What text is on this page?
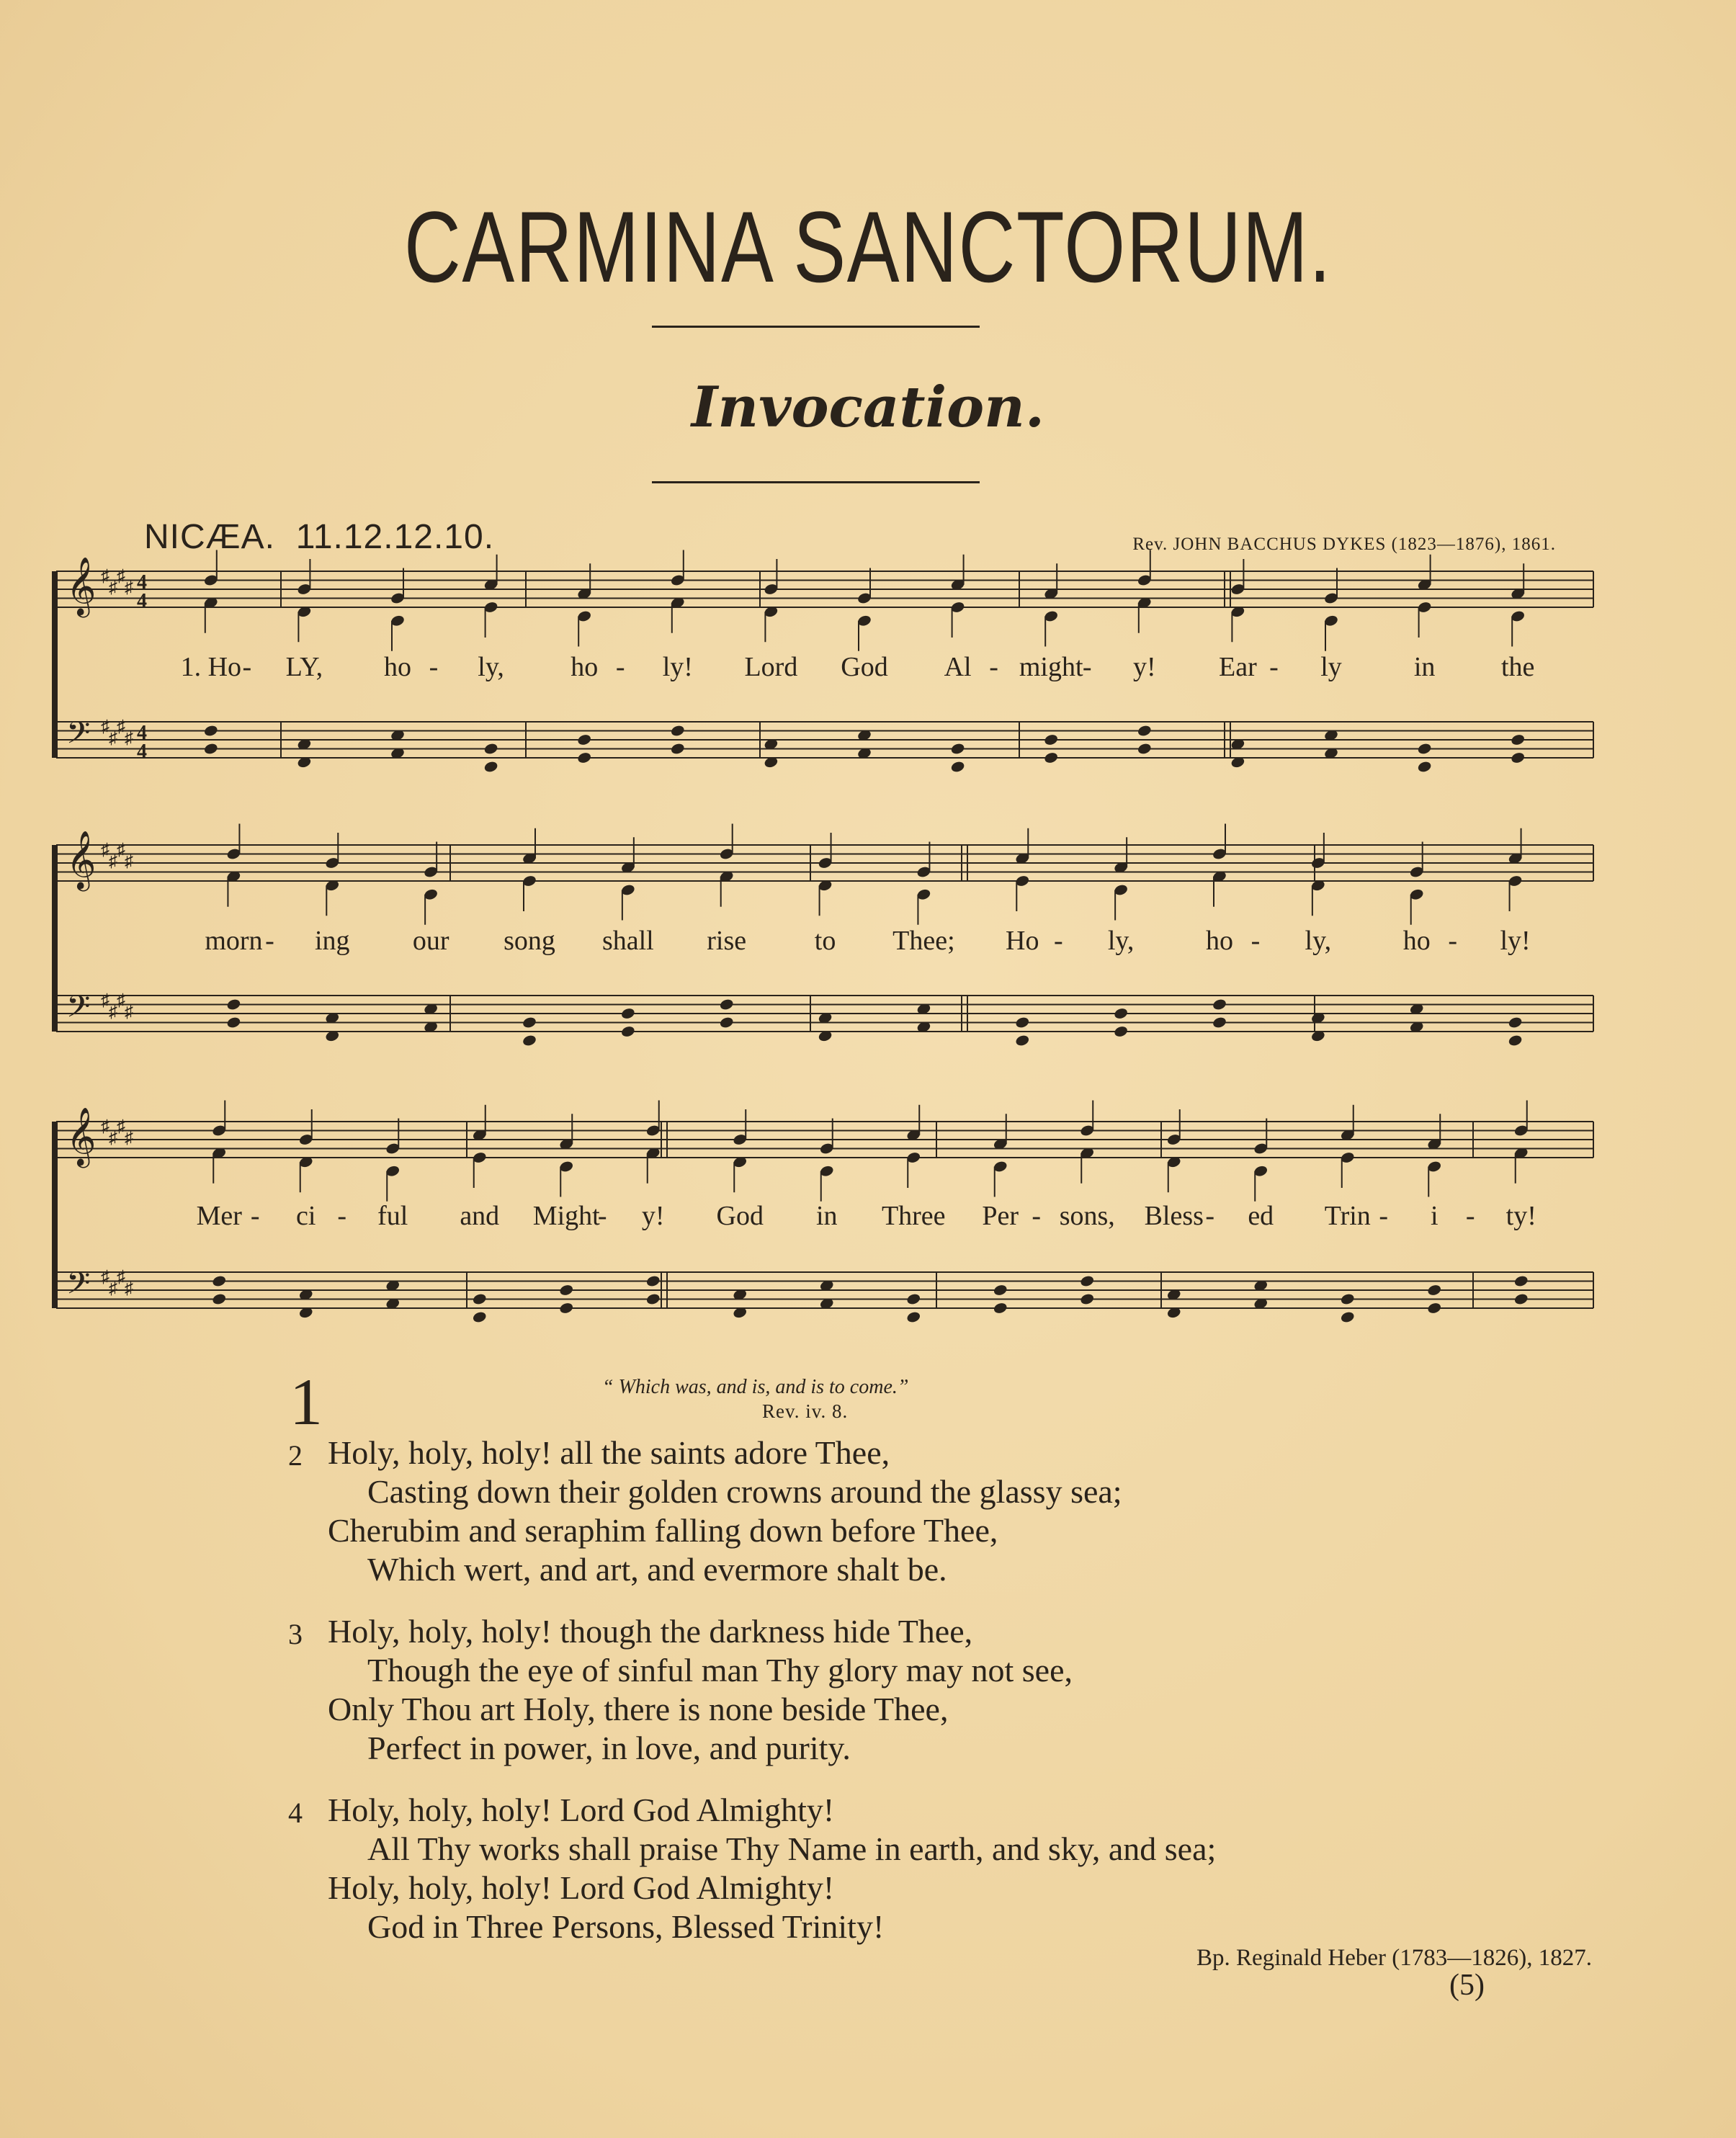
CARMINA SANCTORUM.
Invocation.
NICÆA. 11.12.12.10.	Rev. JOHN BACCHUS DYKES (1823—1876), 1861.
𝄞 ♯
♯
♯
♯ 4
4
𝄢 ♯
♯
♯
♯ 4
4
1. Ho - LY, ho - ly, ho - ly! Lord God Al - might - y! Ear - ly	in the
𝄞 ♯
♯
♯
♯
𝄢 ♯
♯
♯
♯
morn - ing our song shall rise to Thee; Ho - ly,	ho - ly,	ho - ly!
𝄞 ♯
♯
♯
♯
𝄢 ♯
♯
♯
♯
Mer - ci - ful and Might
- y! God in Three Per - sons, Bless - ed Trin - i - ty!
1	“ Which was, and is, and is to come.”
Rev. iv. 8.
2 Holy, holy, holy! all the saints adore Thee,
Casting down their golden crowns around the glassy sea;
Cherubim and seraphim falling down before Thee,
Which wert, and art, and evermore shalt be.
3 Holy, holy, holy! though the darkness hide Thee,
Though the eye of sinful man Thy glory may not see,
Only Thou art Holy, there is none beside Thee,
Perfect in power, in love, and purity.
4 Holy, holy, holy! Lord God Almighty!
All Thy works shall praise Thy Name in earth, and sky, and sea;
Holy, holy, holy! Lord God Almighty!
God in Three Persons, Blessed Trinity!
Bp. Reginald Heber (1783—1826), 1827.
(5)
